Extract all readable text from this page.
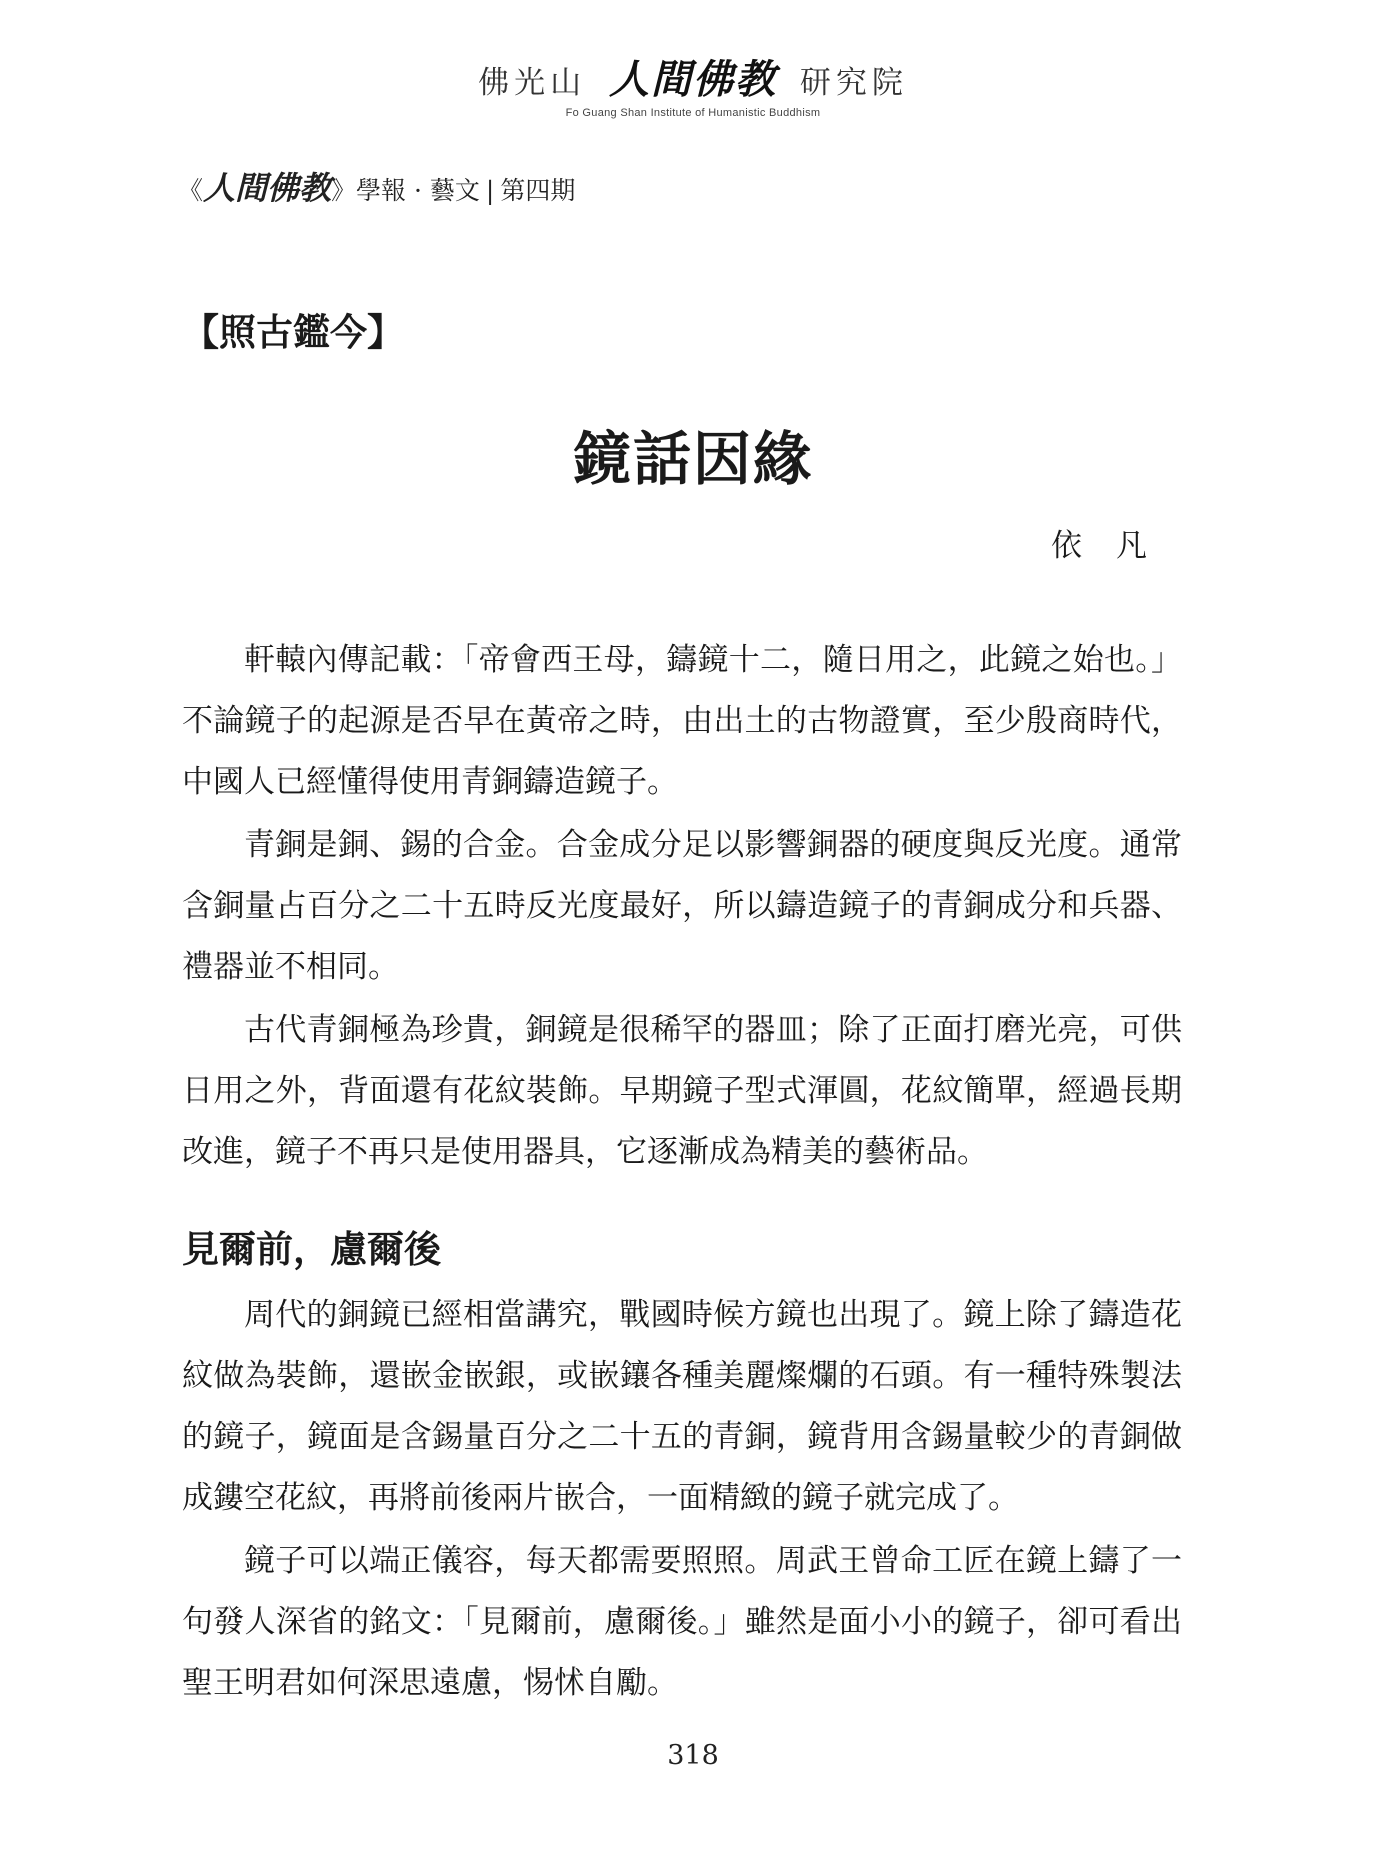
佛光山 人間佛教 研究院
Fo Guang Shan Institute of Humanistic Buddhism
《人間佛教》學報 · 藝文 | 第四期
【照古鑑今】
鏡話因緣
依凡

軒轅內傳記載：「帝會西王母，鑄鏡十二，隨日用之，此鏡之始也。」不論鏡子的起源是否早在黃帝之時，由出土的古物證實，至少殷商時代，中國人已經懂得使用青銅鑄造鏡子。

青銅是銅、錫的合金。合金成分足以影響銅器的硬度與反光度。通常含銅量占百分之二十五時反光度最好，所以鑄造鏡子的青銅成分和兵器、禮器並不相同。

古代青銅極為珍貴，銅鏡是很稀罕的器皿；除了正面打磨光亮，可供日用之外，背面還有花紋裝飾。早期鏡子型式渾圓，花紋簡單，經過長期改進，鏡子不再只是使用器具，它逐漸成為精美的藝術品。

見爾前，慮爾後

周代的銅鏡已經相當講究，戰國時候方鏡也出現了。鏡上除了鑄造花紋做為裝飾，還嵌金嵌銀，或嵌鑲各種美麗燦爛的石頭。有一種特殊製法的鏡子，鏡面是含錫量百分之二十五的青銅，鏡背用含錫量較少的青銅做成鏤空花紋，再將前後兩片嵌合，一面精緻的鏡子就完成了。

鏡子可以端正儀容，每天都需要照照。周武王曾命工匠在鏡上鑄了一句發人深省的銘文：「見爾前，慮爾後。」雖然是面小小的鏡子，卻可看出聖王明君如何深思遠慮，惕怵自勵。

318
